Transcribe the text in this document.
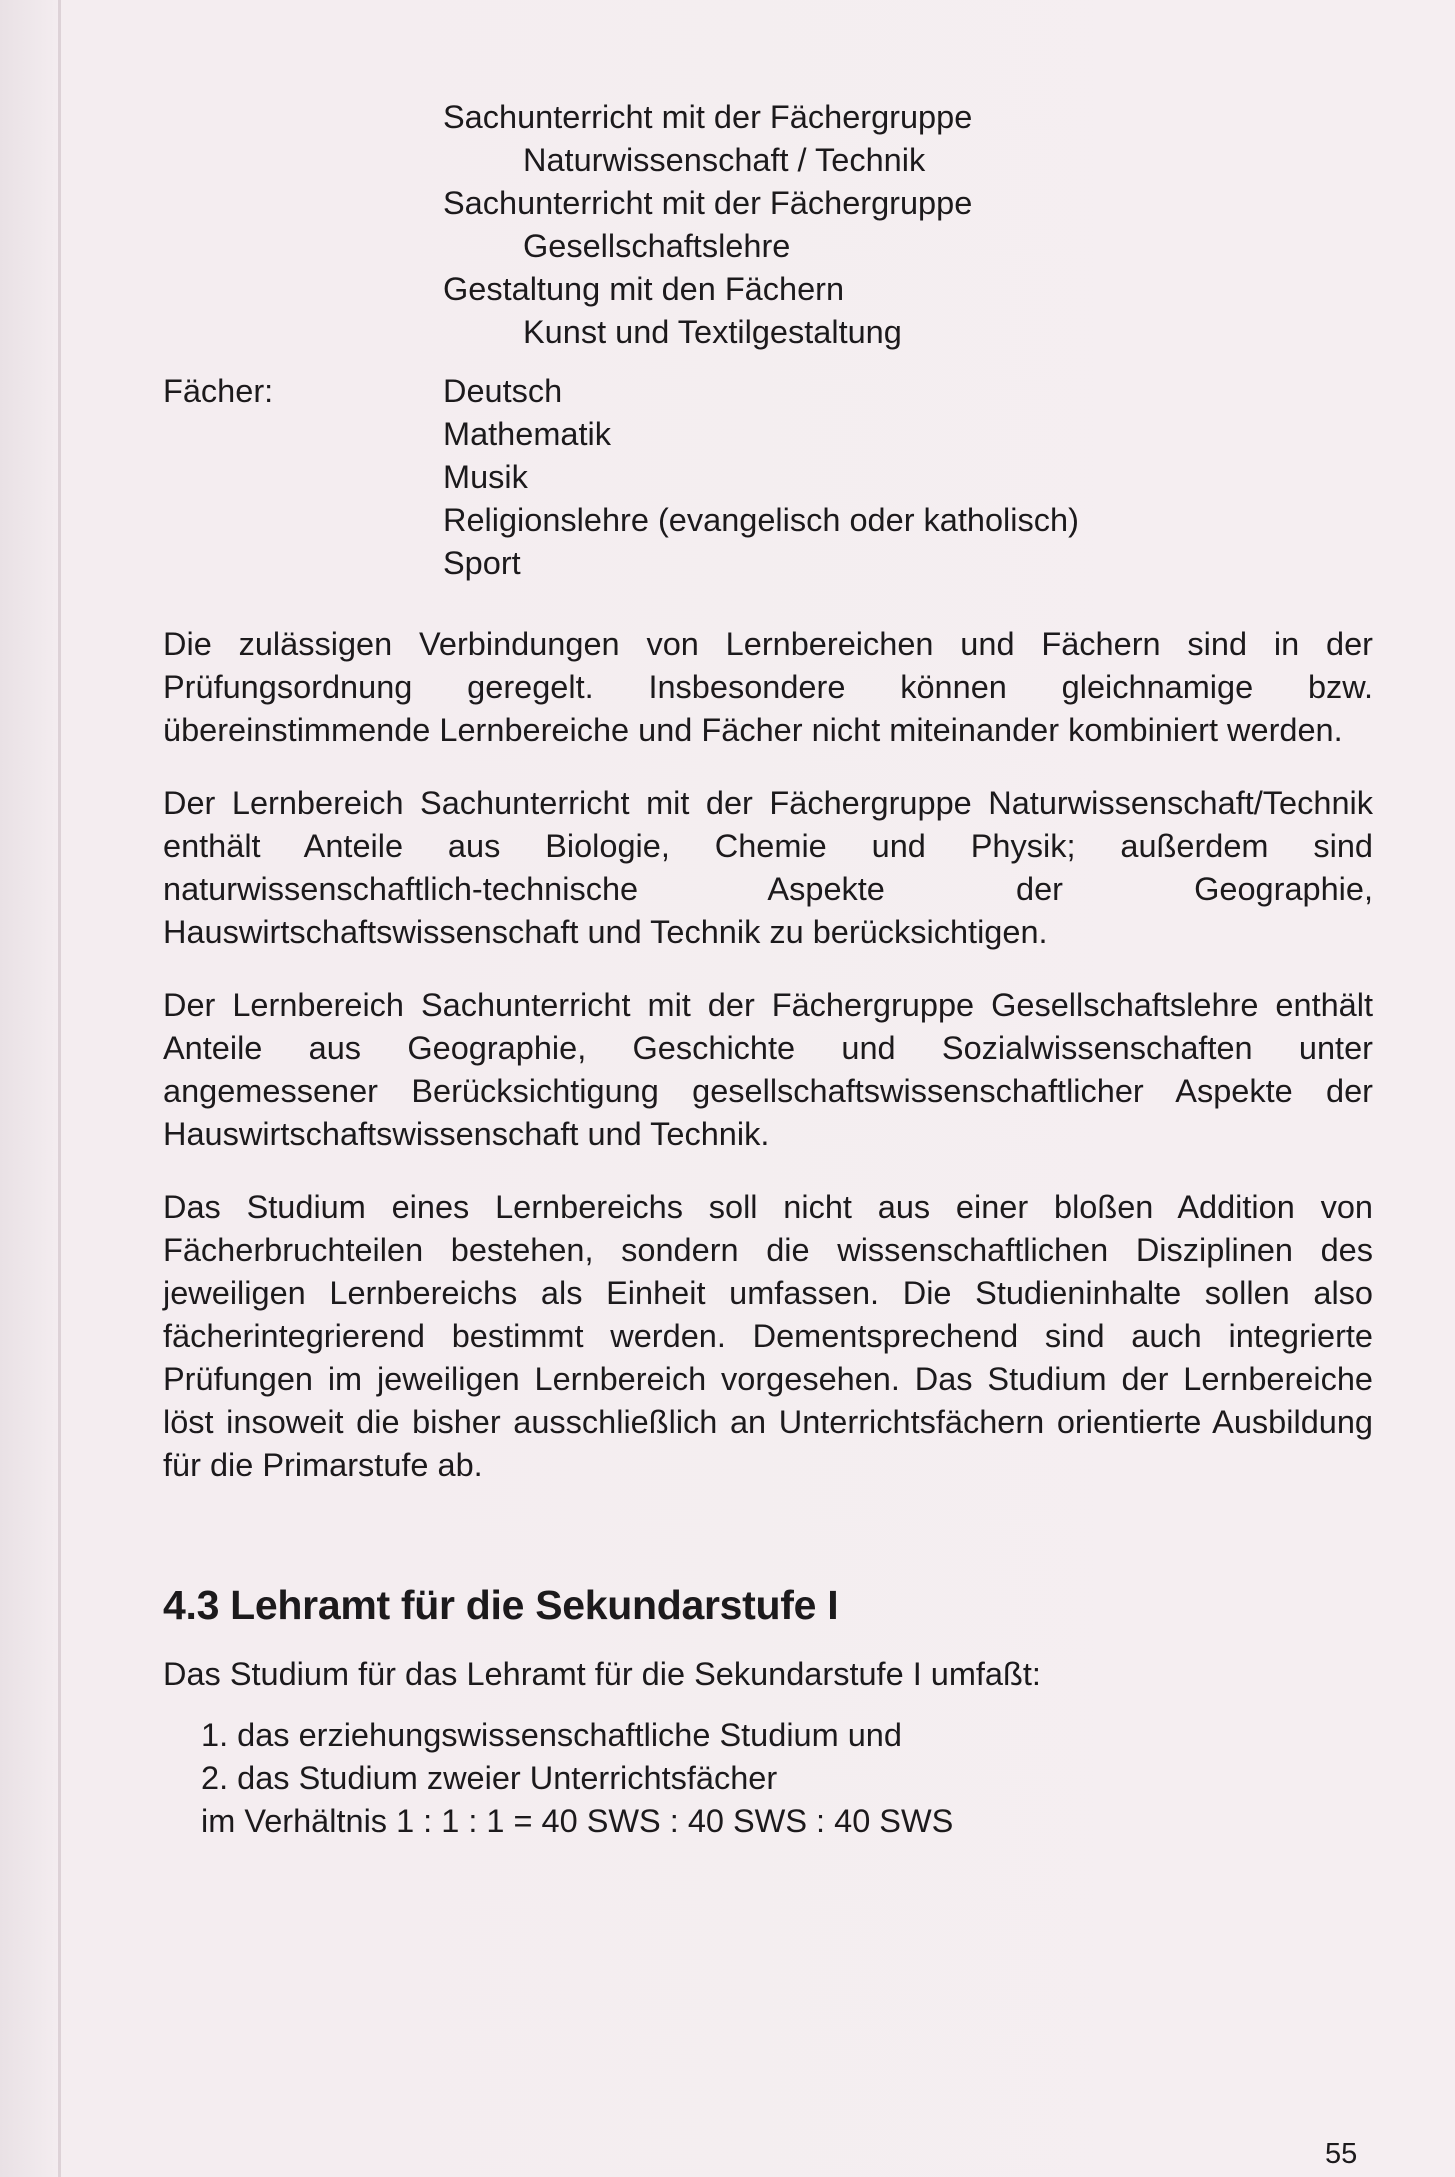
Sachunterricht mit der Fächergruppe
Naturwissenschaft / Technik
Sachunterricht mit der Fächergruppe
Gesellschaftslehre
Gestaltung mit den Fächern
Kunst und Textilgestaltung
Fächer:	Deutsch
Mathematik
Musik
Religionslehre (evangelisch oder katholisch)
Sport

Die zulässigen Verbindungen von Lernbereichen und Fächern sind in der Prüfungsordnung geregelt. Insbesondere können gleichnamige bzw. übereinstimmende Lernbereiche und Fächer nicht miteinander kombiniert werden.

Der Lernbereich Sachunterricht mit der Fächergruppe Naturwissenschaft/Technik enthält Anteile aus Biologie, Chemie und Physik; außerdem sind naturwissenschaftlich-technische Aspekte der Geographie, Hauswirtschaftswissenschaft und Technik zu berücksichtigen.

Der Lernbereich Sachunterricht mit der Fächergruppe Gesellschaftslehre enthält Anteile aus Geographie, Geschichte und Sozialwissenschaften unter angemessener Berücksichtigung gesellschaftswissenschaftlicher Aspekte der Hauswirtschaftswissenschaft und Technik.

Das Studium eines Lernbereichs soll nicht aus einer bloßen Addition von Fächerbruchteilen bestehen, sondern die wissenschaftlichen Disziplinen des jeweiligen Lernbereichs als Einheit umfassen. Die Studieninhalte sollen also fächerintegrierend bestimmt werden. Dementsprechend sind auch integrierte Prüfungen im jeweiligen Lernbereich vorgesehen. Das Studium der Lernbereiche löst insoweit die bisher ausschließlich an Unterrichtsfächern orientierte Ausbildung für die Primarstufe ab.

4.3 Lehramt für die Sekundarstufe I

Das Studium für das Lehramt für die Sekundarstufe I umfaßt:

1. das erziehungswissenschaftliche Studium und
2. das Studium zweier Unterrichtsfächer
im Verhältnis 1 : 1 : 1 = 40 SWS : 40 SWS : 40 SWS
55
